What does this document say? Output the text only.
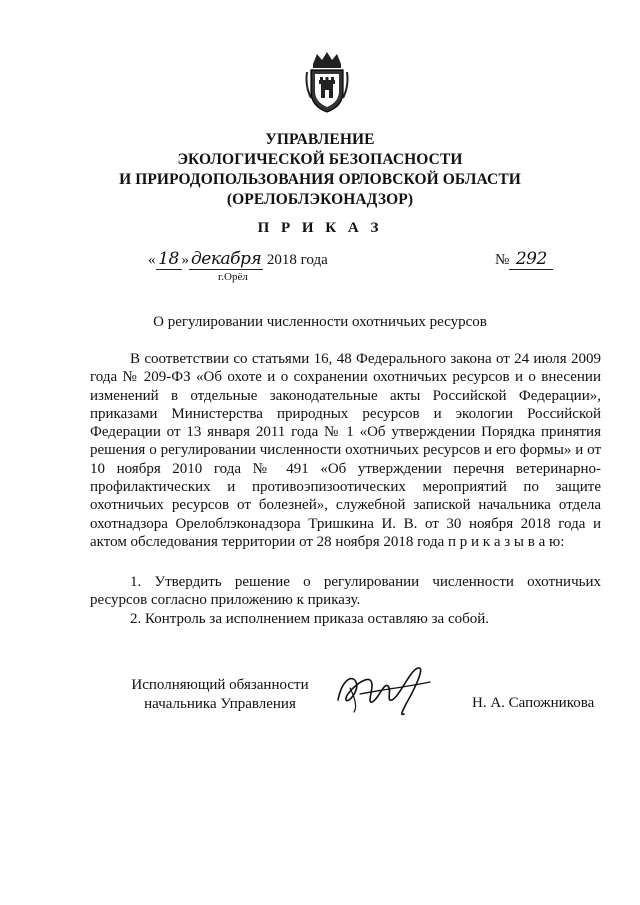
УПРАВЛЕНИЕ
ЭКОЛОГИЧЕСКОЙ БЕЗОПАСНОСТИ
И ПРИРОДОПОЛЬЗОВАНИЯ ОРЛОВСКОЙ ОБЛАСТИ
(ОРЕЛОБЛЭКОНАДЗОР)
П Р И К А З
« 18 » декабря 2018 года
г.Орёл
№ 292
О регулировании численности охотничьих ресурсов

В соответствии со статьями 16, 48 Федерального закона от 24 июля 2009 года № 209-ФЗ «Об охоте и о сохранении охотничьих ресурсов и о внесении изменений в отдельные законодательные акты Российской Федерации», приказами Министерства природных ресурсов и экологии Российской Федерации от 13 января 2011 года № 1 «Об утверждении Порядка принятия решения о регулировании численности охотничьих ресурсов и его формы» и от 10 ноября 2010 года № 491 «Об утверждении перечня ветеринарно-профилактических и противоэпизоотических мероприятий по защите охотничьих ресурсов от болезней», служебной запиской начальника отдела охотнадзора Орелоблэконадзора Тришкина И. В. от 30 ноября 2018 года и актом обследования территории от 28 ноября 2018 года п р и к а з ы в а ю:

1. Утвердить решение о регулировании численности охотничьих ресурсов согласно приложению к приказу.

2. Контроль за исполнением приказа оставляю за собой.

Исполняющий обязанности
начальника Управления	Н. А. Сапожникова
